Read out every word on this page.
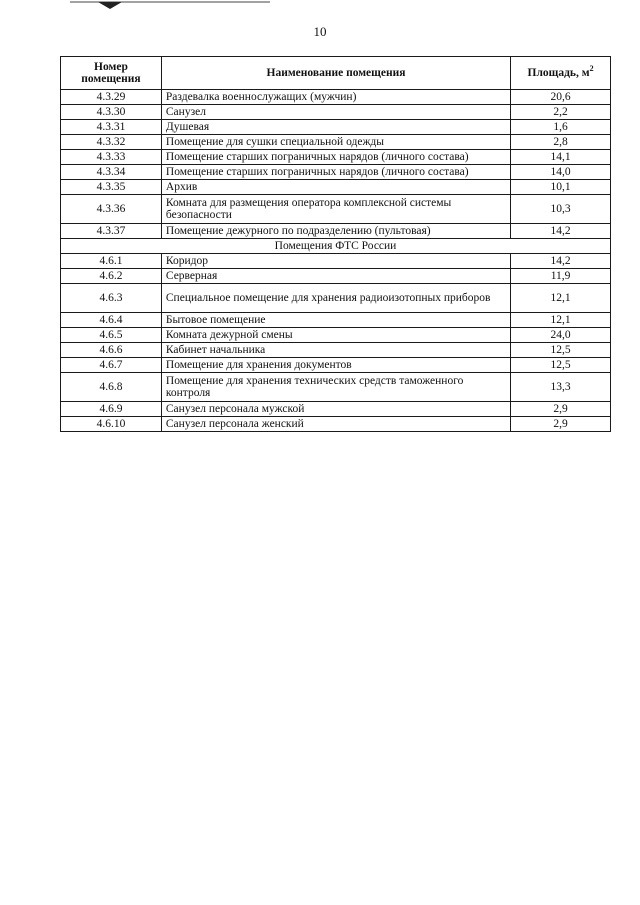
10
Номер помещения	Наименование помещения	Площадь, $м^2$
4.3.29	Раздевалка военнослужащих (мужчин)	20,6
4.3.30	Санузел	2,2
4.3.31	Душевая	1,6
4.3.32	Помещение для сушки специальной одежды	2,8
4.3.33	Помещение старших пограничных нарядов (личного состава)	14,1
4.3.34	Помещение старших пограничных нарядов (личного состава)	14,0
4.3.35	Архив	10,1
4.3.36	Комната для размещения оператора комплексной системы безопасности	10,3
4.3.37	Помещение дежурного по подразделению (пультовая)	14,2
Помещения ФТС России		
4.6.1	Коридор	14,2
4.6.2	Серверная	11,9
4.6.3	Специальное помещение для хранения радиоизотопных приборов	12,1
4.6.4	Бытовое помещение	12,1
4.6.5	Комната дежурной смены	24,0
4.6.6	Кабинет начальника	12,5
4.6.7	Помещение для хранения документов	12,5
4.6.8	Помещение для хранения технических средств таможенного контроля	13,3
4.6.9	Санузел персонала мужской	2,9
4.6.10	Санузел персонала женский	2,9
